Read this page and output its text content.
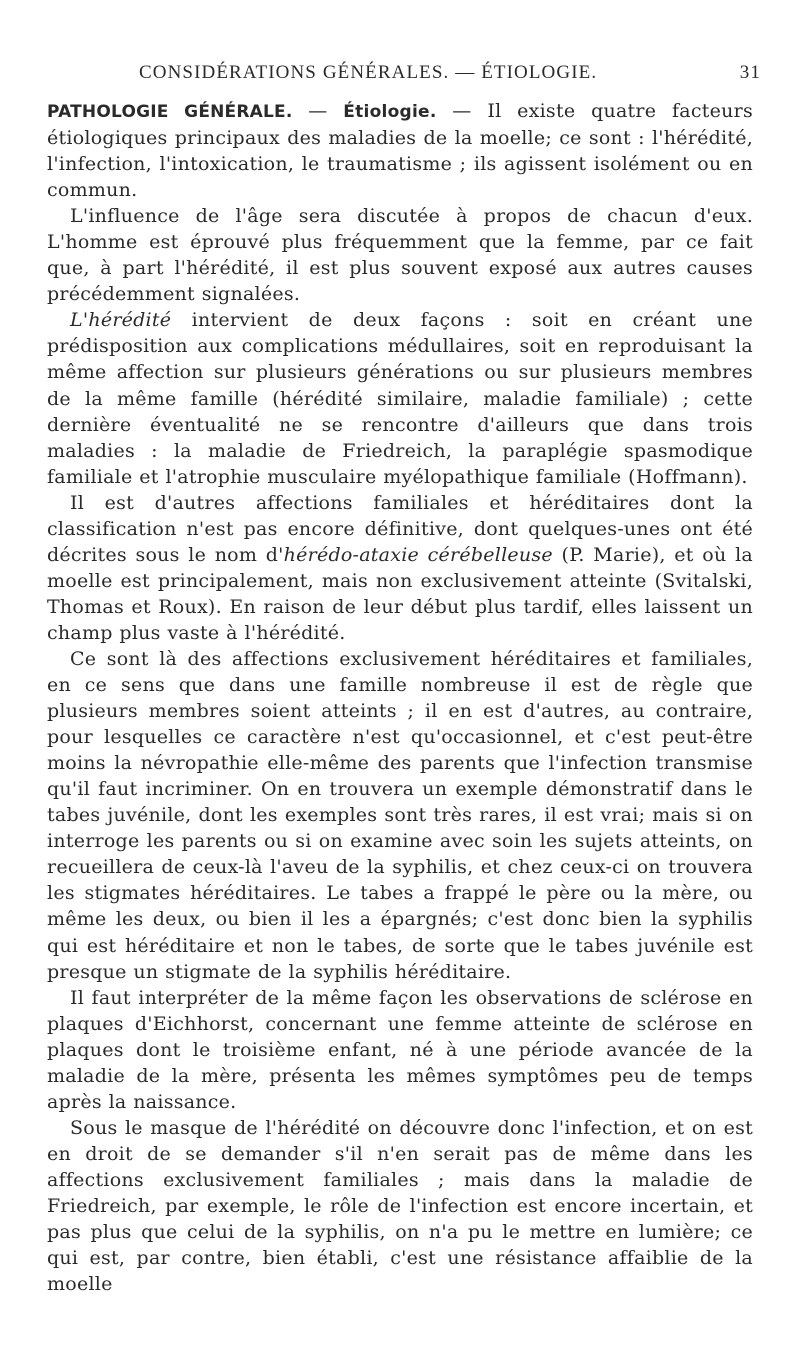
CONSIDÉRATIONS GÉNÉRALES. — ÉTIOLOGIE.	31

PATHOLOGIE GÉNÉRALE. — Étiologie. — Il existe quatre facteurs étiologiques principaux des maladies de la moelle; ce sont : l'hérédité, l'infection, l'intoxication, le traumatisme ; ils agissent isolément ou en commun.

L'influence de l'âge sera discutée à propos de chacun d'eux. L'homme est éprouvé plus fréquemment que la femme, par ce fait que, à part l'hérédité, il est plus souvent exposé aux autres causes précédemment signalées.

L'hérédité intervient de deux façons : soit en créant une prédisposition aux complications médullaires, soit en reproduisant la même affection sur plusieurs générations ou sur plusieurs membres de la même famille (hérédité similaire, maladie familiale) ; cette dernière éventualité ne se rencontre d'ailleurs que dans trois maladies : la maladie de Friedreich, la paraplégie spasmodique familiale et l'atrophie musculaire myélopathique familiale (Hoffmann).

Il est d'autres affections familiales et héréditaires dont la classification n'est pas encore définitive, dont quelques-unes ont été décrites sous le nom d'hérédo-ataxie cérébelleuse (P. Marie), et où la moelle est principalement, mais non exclusivement atteinte (Svitalski, Thomas et Roux). En raison de leur début plus tardif, elles laissent un champ plus vaste à l'hérédité.

Ce sont là des affections exclusivement héréditaires et familiales, en ce sens que dans une famille nombreuse il est de règle que plusieurs membres soient atteints ; il en est d'autres, au contraire, pour lesquelles ce caractère n'est qu'occasionnel, et c'est peut-être moins la névropathie elle-même des parents que l'infection transmise qu'il faut incriminer. On en trouvera un exemple démonstratif dans le tabes juvénile, dont les exemples sont très rares, il est vrai; mais si on interroge les parents ou si on examine avec soin les sujets atteints, on recueillera de ceux-là l'aveu de la syphilis, et chez ceux-ci on trouvera les stigmates héréditaires. Le tabes a frappé le père ou la mère, ou même les deux, ou bien il les a épargnés; c'est donc bien la syphilis qui est héréditaire et non le tabes, de sorte que le tabes juvénile est presque un stigmate de la syphilis héréditaire.

Il faut interpréter de la même façon les observations de sclérose en plaques d'Eichhorst, concernant une femme atteinte de sclérose en plaques dont le troisième enfant, né à une période avancée de la maladie de la mère, présenta les mêmes symptômes peu de temps après la naissance.

Sous le masque de l'hérédité on découvre donc l'infection, et on est en droit de se demander s'il n'en serait pas de même dans les affections exclusivement familiales ; mais dans la maladie de Friedreich, par exemple, le rôle de l'infection est encore incertain, et pas plus que celui de la syphilis, on n'a pu le mettre en lumière; ce qui est, par contre, bien établi, c'est une résistance affaiblie de la moelle
